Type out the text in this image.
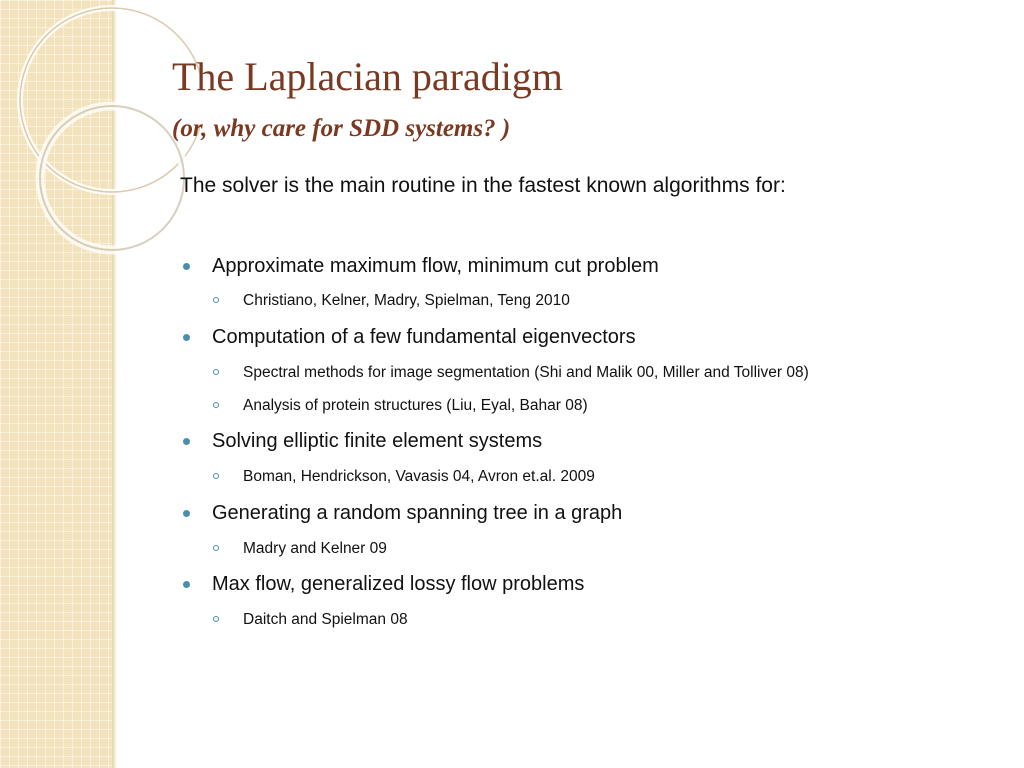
The Laplacian paradigm
(or, why care for SDD systems? )
The solver is the main routine in the fastest known algorithms for:
Approximate maximum flow, minimum cut problem
Christiano, Kelner, Madry, Spielman, Teng 2010
Computation of a few fundamental eigenvectors
Spectral methods for image segmentation (Shi and Malik 00, Miller and Tolliver 08)
Analysis of protein structures (Liu, Eyal, Bahar 08)
Solving elliptic finite element systems
Boman, Hendrickson, Vavasis 04, Avron et.al. 2009
Generating a random spanning tree in a graph
Madry and Kelner 09
Max flow, generalized lossy flow problems
Daitch and Spielman 08
